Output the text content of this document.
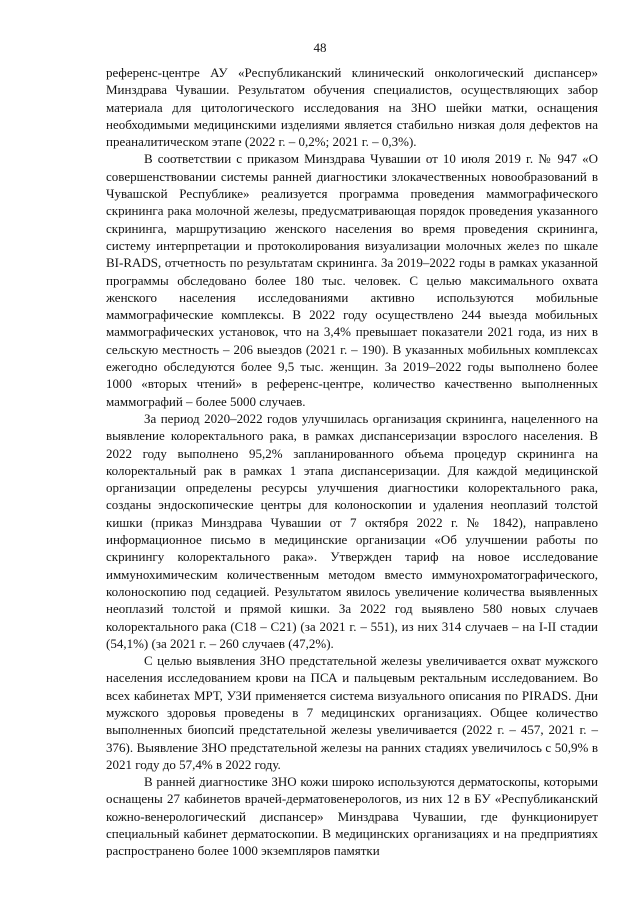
48

референс-центре АУ «Республиканский клинический онкологический диспансер» Минздрава Чувашии. Результатом обучения специалистов, осуществляющих забор материала для цитологического исследования на ЗНО шейки матки, оснащения необходимыми медицинскими изделиями является стабильно низкая доля дефектов на преаналитическом этапе (2022 г. – 0,2%; 2021 г. – 0,3%).

В соответствии с приказом Минздрава Чувашии от 10 июля 2019 г. № 947 «О совершенствовании системы ранней диагностики злокачественных новообразований в Чувашской Республике» реализуется программа проведения маммографического скрининга рака молочной железы, предусматривающая порядок проведения указанного скрининга, маршрутизацию женского населения во время проведения скрининга, систему интерпретации и протоколирования визуализации молочных желез по шкале BI-RADS, отчетность по результатам скрининга. За 2019–2022 годы в рамках указанной программы обследовано более 180 тыс. человек. С целью максимального охвата женского населения исследованиями активно используются мобильные маммографические комплексы. В 2022 году осуществлено 244 выезда мобильных маммографических установок, что на 3,4% превышает показатели 2021 года, из них в сельскую местность – 206 выездов (2021 г. – 190). В указанных мобильных комплексах ежегодно обследуются более 9,5 тыс. женщин. За 2019–2022 годы выполнено более 1000 «вторых чтений» в референс-центре, количество качественно выполненных маммографий – более 5000 случаев.

За период 2020–2022 годов улучшилась организация скрининга, нацеленного на выявление колоректального рака, в рамках диспансеризации взрослого населения. В 2022 году выполнено 95,2% запланированного объема процедур скрининга на колоректальный рак в рамках 1 этапа диспансеризации. Для каждой медицинской организации определены ресурсы улучшения диагностики колоректального рака, созданы эндоскопические центры для колоноскопии и удаления неоплазий толстой кишки (приказ Минздрава Чувашии от 7 октября 2022 г. № 1842), направлено информационное письмо в медицинские организации «Об улучшении работы по скринингу колоректального рака». Утвержден тариф на новое исследование иммунохимическим количественным методом вместо иммунохроматографического, колоноскопию под седацией. Результатом явилось увеличение количества выявленных неоплазий толстой и прямой кишки. За 2022 год выявлено 580 новых случаев колоректального рака (С18 – С21) (за 2021 г. – 551), из них 314 случаев – на I-II стадии (54,1%) (за 2021 г. – 260 случаев (47,2%).

С целью выявления ЗНО предстательной железы увеличивается охват мужского населения исследованием крови на ПСА и пальцевым ректальным исследованием. Во всех кабинетах МРТ, УЗИ применяется система визуального описания по PIRADS. Дни мужского здоровья проведены в 7 медицинских организациях. Общее количество выполненных биопсий предстательной железы увеличивается (2022 г. – 457, 2021 г. – 376). Выявление ЗНО предстательной железы на ранних стадиях увеличилось с 50,9% в 2021 году до 57,4% в 2022 году.

В ранней диагностике ЗНО кожи широко используются дерматоскопы, которыми оснащены 27 кабинетов врачей-дерматовенерологов, из них 12 в БУ «Республиканский кожно-венерологический диспансер» Минздрава Чувашии, где функционирует специальный кабинет дерматоскопии. В медицинских организациях и на предприятиях распространено более 1000 экземпляров памятки
